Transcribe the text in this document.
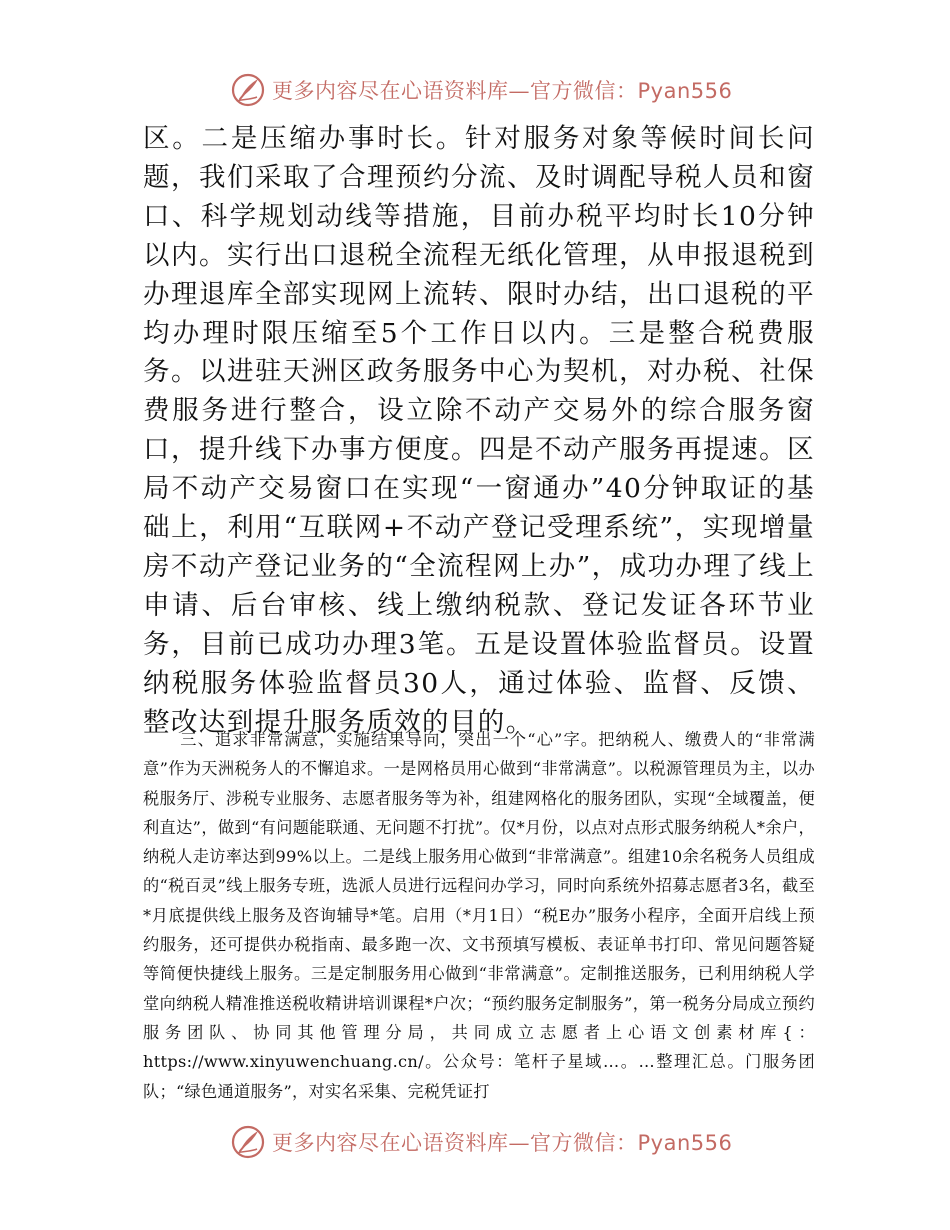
更多内容尽在心语资料库—官方微信：Pyan556

区。二是压缩办事时长。针对服务对象等候时间长问题，我们采取了合理预约分流、及时调配导税人员和窗口、科学规划动线等措施，目前办税平均时长10分钟以内。实行出口退税全流程无纸化管理，从申报退税到办理退库全部实现网上流转、限时办结，出口退税的平均办理时限压缩至5个工作日以内。三是整合税费服务。以进驻天洲区政务服务中心为契机，对办税、社保费服务进行整合，设立除不动产交易外的综合服务窗口，提升线下办事方便度。四是不动产服务再提速。区局不动产交易窗口在实现“一窗通办”40分钟取证的基础上，利用“互联网+不动产登记受理系统”，实现增量房不动产登记业务的“全流程网上办”，成功办理了线上申请、后台审核、线上缴纳税款、登记发证各环节业务，目前已成功办理3笔。五是设置体验监督员。设置纳税服务体验监督员30人，通过体验、监督、反馈、整改达到提升服务质效的目的。

三、追求非常满意，实施结果导向，突出一个“心”字。把纳税人、缴费人的“非常满意”作为天洲税务人的不懈追求。一是网格员用心做到“非常满意”。以税源管理员为主，以办税服务厅、涉税专业服务、志愿者服务等为补，组建网格化的服务团队，实现“全域覆盖，便利直达”，做到“有问题能联通、无问题不打扰”。仅*月份，以点对点形式服务纳税人*余户，纳税人走访率达到99%以上。二是线上服务用心做到“非常满意”。组建10余名税务人员组成的“税百灵”线上服务专班，选派人员进行远程问办学习，同时向系统外招募志愿者3名，截至*月底提供线上服务及咨询辅导*笔。启用（*月1日）“税E办”服务小程序，全面开启线上预约服务，还可提供办税指南、最多跑一次、文书预填写模板、表证单书打印、常见问题答疑等简便快捷线上服务。三是定制服务用心做到“非常满意”。定制推送服务，已利用纳税人学堂向纳税人精准推送税收精讲培训课程*户次；“预约服务定制服务”，第一税务分局成立预约服务团队、协同其他管理分局，共同成立志愿者上心语文创素材库{：https://www.xinyuwenchuang.cn/。公众号：笔杆子星域…。…整理汇总。门服务团队；“绿色通道服务”，对实名采集、完税凭证打

更多内容尽在心语资料库—官方微信：Pyan556
